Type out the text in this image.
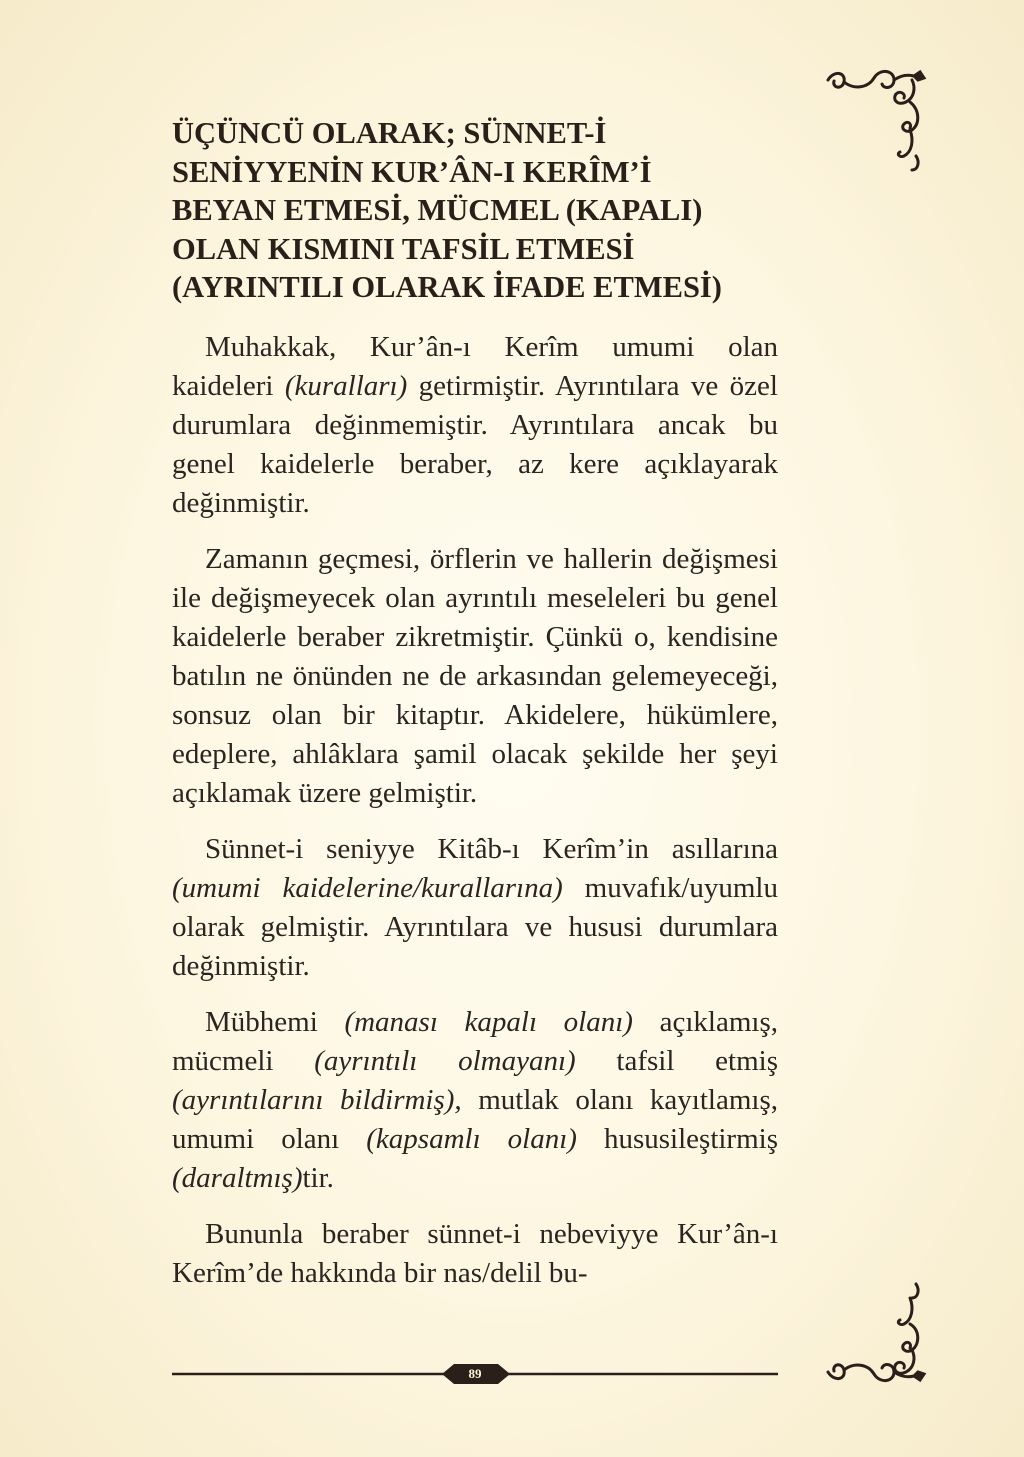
ÜÇÜNCÜ OLARAK; SÜNNET-İ
SENİYYENİN KUR’ÂN-I KERÎM’İ
BEYAN ETMESİ, MÜCMEL (KAPALI)
OLAN KISMINI TAFSİL ETMESİ
(AYRINTILI OLARAK İFADE ETMESİ)

Muhakkak, Kur’ân-ı Kerîm umumi olan kaideleri (kuralları) getirmiştir. Ayrıntılara ve özel durumlara değinmemiştir. Ayrıntılara ancak bu genel kaidelerle beraber, az kere açıklayarak değinmiştir.

Zamanın geçmesi, örflerin ve hallerin değişmesi ile değişmeyecek olan ayrıntılı meseleleri bu genel kaidelerle beraber zikretmiştir. Çünkü o, kendisine batılın ne önünden ne de arkasından gelemeyeceği, sonsuz olan bir kitaptır. Akidelere, hükümlere, edeplere, ahlâklara şamil olacak şekilde her şeyi açıklamak üzere gelmiştir.

Sünnet-i seniyye Kitâb-ı Kerîm’in asıllarına (umumi kaidelerine/kurallarına) muvafık/uyumlu olarak gelmiştir. Ayrıntılara ve hususi durumlara değinmiştir.

Mübhemi (manası kapalı olanı) açıklamış, mücmeli (ayrıntılı olmayanı) tafsil etmiş (ayrıntılarını bildirmiş), mutlak olanı kayıtlamış, umumi olanı (kapsamlı olanı) hususileştirmiş (daraltmış)tir.

Bununla beraber sünnet-i nebeviyye Kur’ân-ı Kerîm’de hakkında bir nas/delil bu-

89
